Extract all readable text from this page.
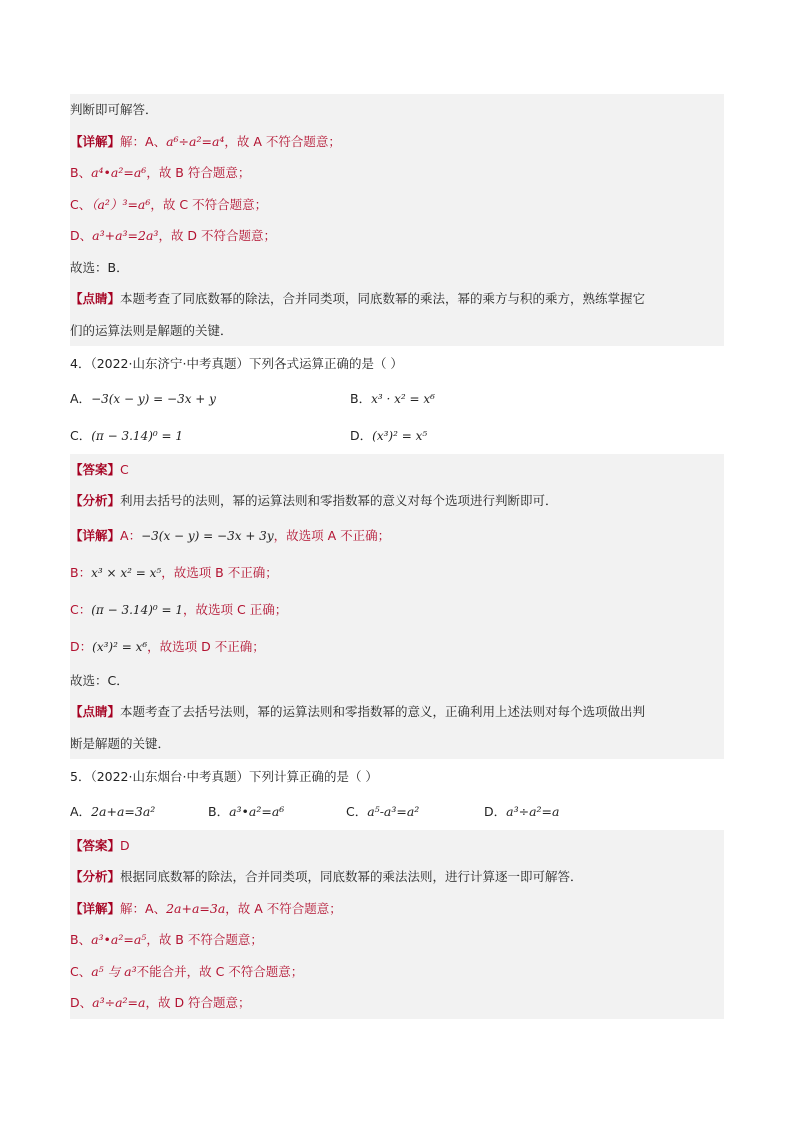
判断即可解答．
【详解】解：A、a⁶÷a²=a⁴，故 A 不符合题意；
B、a⁴•a²=a⁶，故 B 符合题意；
C、（a²）³=a⁶，故 C 不符合题意；
D、a³+a³=2a³，故 D 不符合题意；
故选：B．
【点睛】本题考查了同底数幂的除法，合并同类项，同底数幂的乘法，幂的乘方与积的乘方，熟练掌握它
们的运算法则是解题的关键．
4．（2022·山东济宁·中考真题）下列各式运算正确的是（ ）
A．−3(x − y) = −3x + y	B．x³ · x² = x⁶
C．(π − 3.14)⁰ = 1	D．(x³)² = x⁵
【答案】C
【分析】利用去括号的法则，幂的运算法则和零指数幂的意义对每个选项进行判断即可．
【详解】A：−3(x − y) = −3x + 3y，故选项 A 不正确；
B：x³ × x² = x⁵，故选项 B 不正确；
C：(π − 3.14)⁰ = 1，故选项 C 正确；
D：(x³)² = x⁶，故选项 D 不正确；
故选：C．
【点睛】本题考查了去括号法则，幂的运算法则和零指数幂的意义，正确利用上述法则对每个选项做出判
断是解题的关键．
5．（2022·山东烟台·中考真题）下列计算正确的是（ ）
A．2a+a=3a²	B．a³•a²=a⁶	C．a⁵-a³=a²	D．a³÷a²=a
【答案】D
【分析】根据同底数幂的除法，合并同类项，同底数幂的乘法法则，进行计算逐一即可解答．
【详解】解：A、2a+a=3a，故 A 不符合题意；
B、a³•a²=a⁵，故 B 不符合题意；
C、a⁵ 与 a³不能合并，故 C 不符合题意；
D、a³÷a²=a，故 D 符合题意；
